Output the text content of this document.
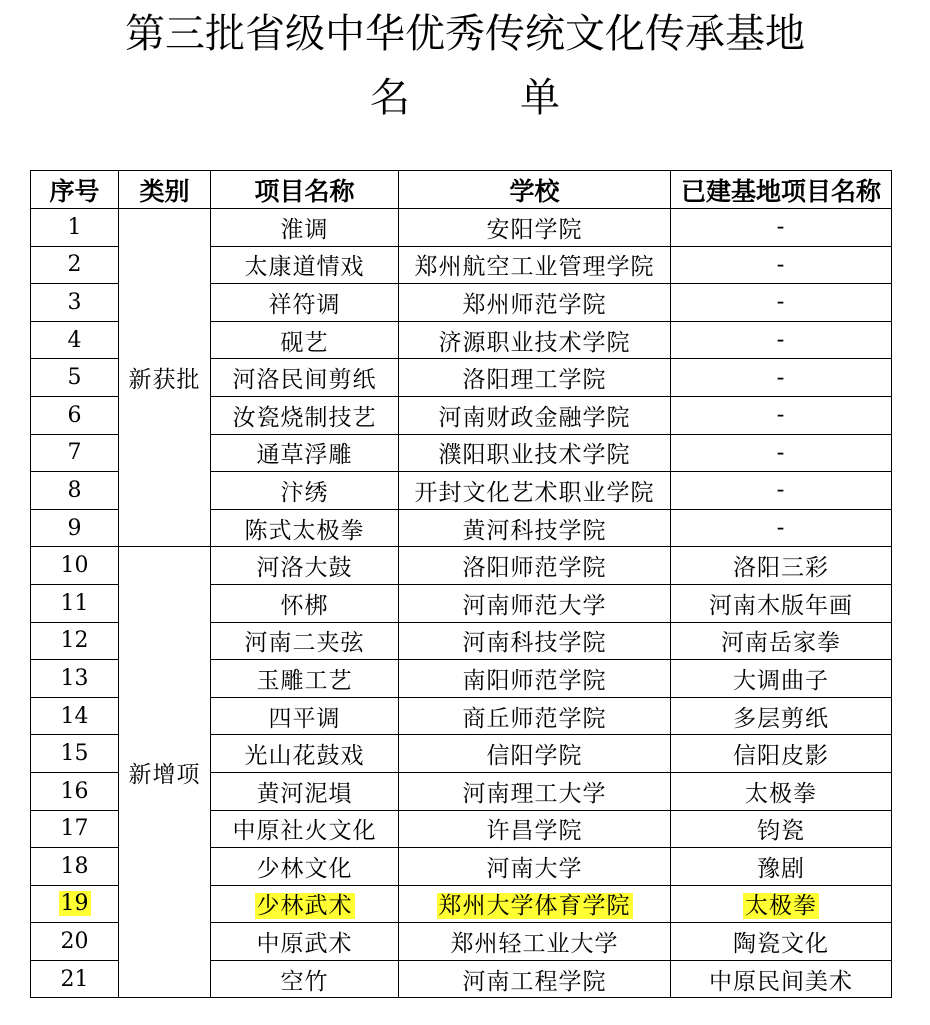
第三批省级中华优秀传统文化传承基地
名	单
序号	类别	项目名称	学校	已建基地项目名称
1	新获批	淮调	安阳学院	-
2		太康道情戏	郑州航空工业管理学院	-
3		祥符调	郑州师范学院	-
4		砚艺	济源职业技术学院	-
5		河洛民间剪纸	洛阳理工学院	-
6		汝瓷烧制技艺	河南财政金融学院	-
7		通草浮雕	濮阳职业技术学院	-
8		汴绣	开封文化艺术职业学院	-
9		陈式太极拳	黄河科技学院	-
10	新增项	河洛大鼓	洛阳师范学院	洛阳三彩
11		怀梆	河南师范大学	河南木版年画
12		河南二夹弦	河南科技学院	河南岳家拳
13		玉雕工艺	南阳师范学院	大调曲子
14		四平调	商丘师范学院	多层剪纸
15		光山花鼓戏	信阳学院	信阳皮影
16		黄河泥塤	河南理工大学	太极拳
17		中原社火文化	许昌学院	钧瓷
18		少林文化	河南大学	豫剧
19		少林武术	郑州大学体育学院	太极拳
20		中原武术	郑州轻工业大学	陶瓷文化
21		空竹	河南工程学院	中原民间美术
